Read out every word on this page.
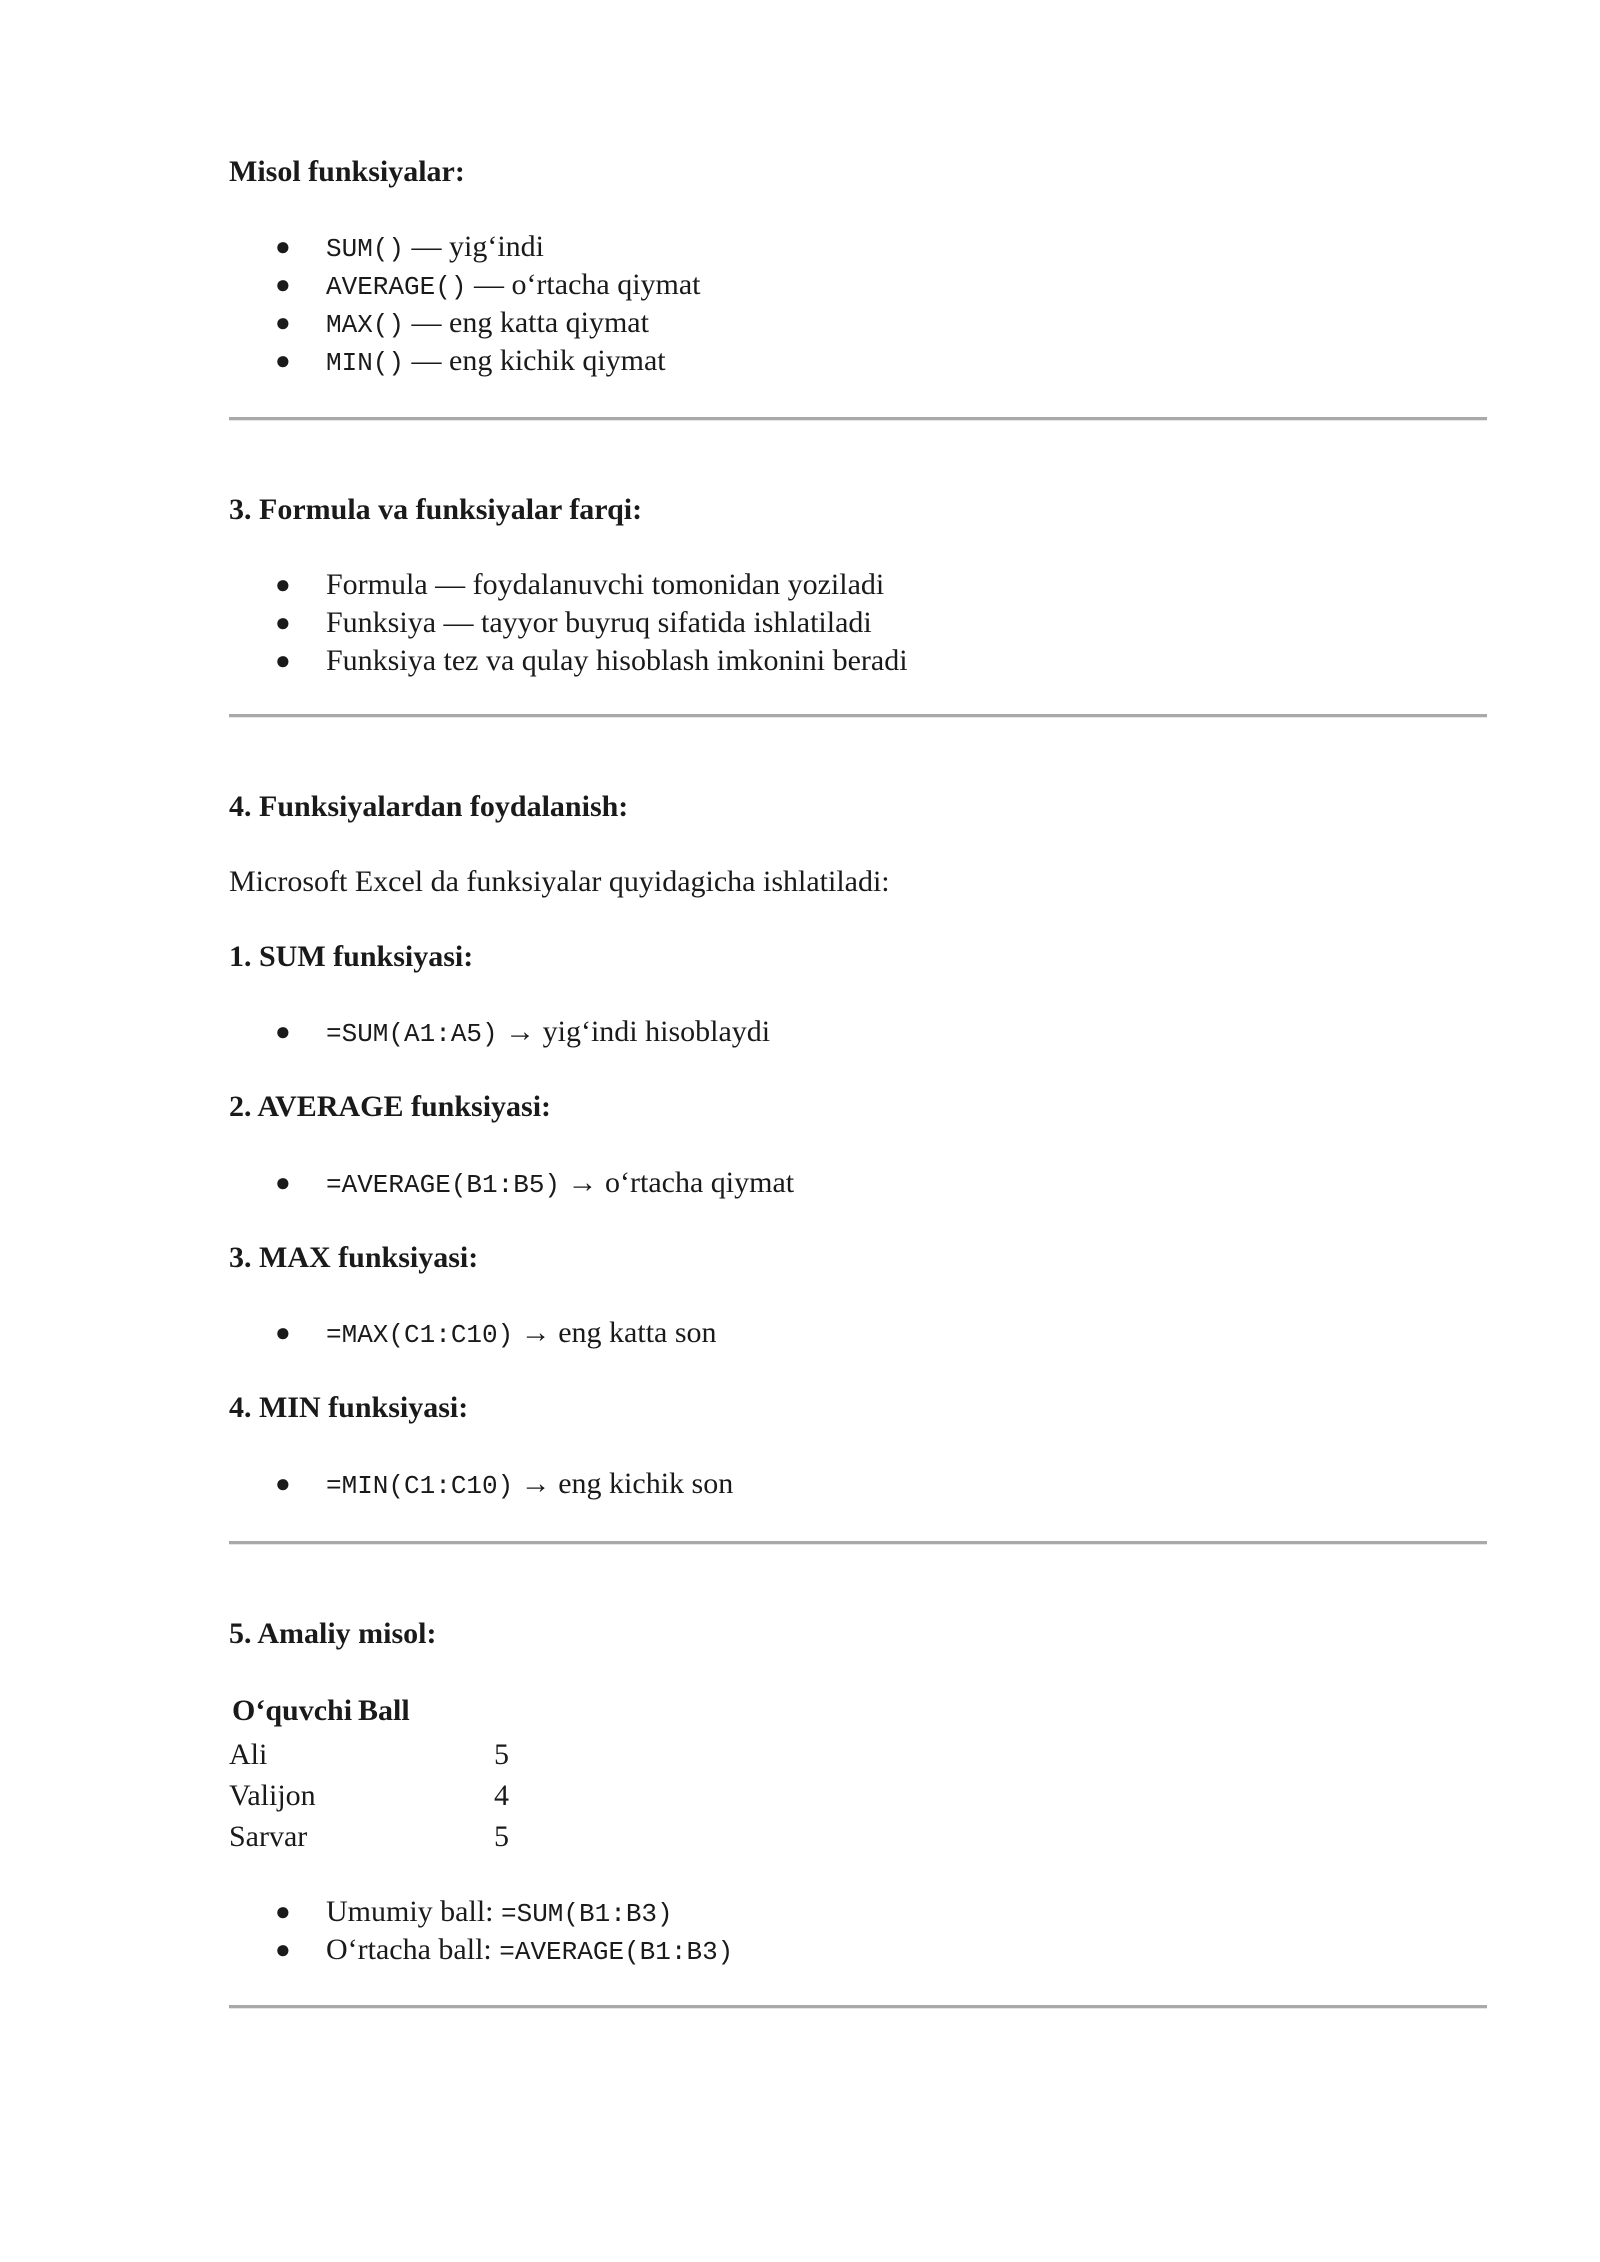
Misol funksiyalar:
● SUM() — yig‘indi
● AVERAGE() — o‘rtacha qiymat
● MAX() — eng katta qiymat
● MIN() — eng kichik qiymat
3. Formula va funksiyalar farqi:
● Formula — foydalanuvchi tomonidan yoziladi
● Funksiya — tayyor buyruq sifatida ishlatiladi
● Funksiya tez va qulay hisoblash imkonini beradi
4. Funksiyalardan foydalanish:
Microsoft Excel da funksiyalar quyidagicha ishlatiladi:
1. SUM funksiyasi:
● =SUM(A1:A5) → yig‘indi hisoblaydi
2. AVERAGE funksiyasi:
● =AVERAGE(B1:B5) → o‘rtacha qiymat
3. MAX funksiyasi:
● =MAX(C1:C10) → eng katta son
4. MIN funksiyasi:
● =MIN(C1:C10) → eng kichik son
5. Amaliy misol:
O‘quvchi	Ball
Ali	5
Valijon	4
Sarvar	5
● Umumiy ball: =SUM(B1:B3)
● O‘rtacha ball: =AVERAGE(B1:B3)
